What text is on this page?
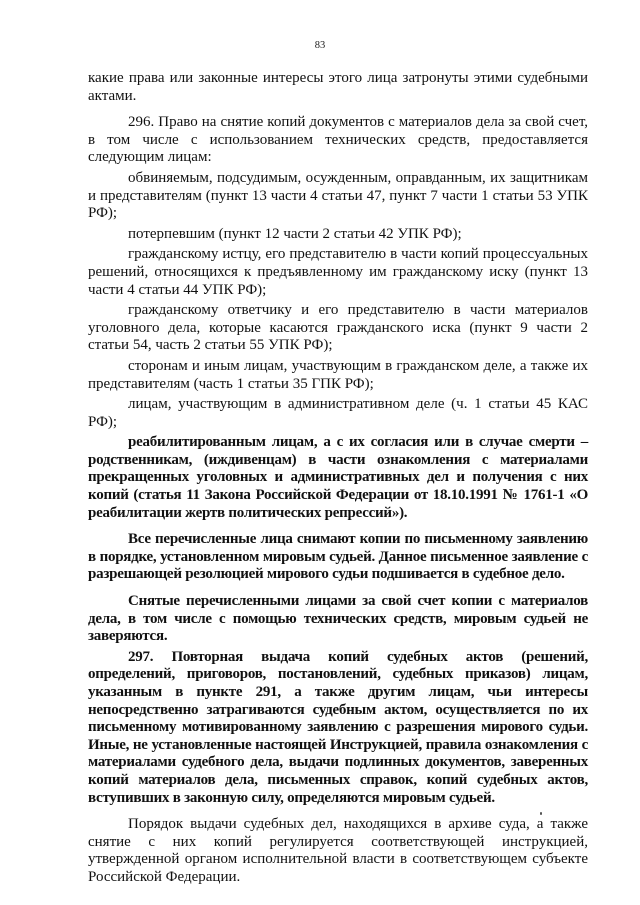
83

какие права или законные интересы этого лица затронуты этими судебными актами.

296. Право на снятие копий документов с материалов дела за свой счет, в том числе с использованием технических средств, предоставляется следующим лицам:

обвиняемым, подсудимым, осужденным, оправданным, их защитникам и представителям (пункт 13 части 4 статьи 47, пункт 7 части 1 статьи 53 УПК РФ);

потерпевшим (пункт 12 части 2 статьи 42 УПК РФ);

гражданскому истцу, его представителю в части копий процессуальных решений, относящихся к предъявленному им гражданскому иску (пункт 13 части 4 статьи 44 УПК РФ);

гражданскому ответчику и его представителю в части материалов уголовного дела, которые касаются гражданского иска (пункт 9 части 2 статьи 54, часть 2 статьи 55 УПК РФ);

сторонам и иным лицам, участвующим в гражданском деле, а также их представителям (часть 1 статьи 35 ГПК РФ);

лицам, участвующим в административном деле (ч. 1 статьи 45 КАС РФ);

реабилитированным лицам, а с их согласия или в случае смерти – родственникам, (иждивенцам) в части ознакомления с материалами прекращенных уголовных и административных дел и получения с них копий (статья 11 Закона Российской Федерации от 18.10.1991 № 1761-1 «О реабилитации жертв политических репрессий»).

Все перечисленные лица снимают копии по письменному заявлению в порядке, установленном мировым судьей. Данное письменное заявление с разрешающей резолюцией мирового судьи подшивается в судебное дело.

Снятые перечисленными лицами за свой счет копии с материалов дела, в том числе с помощью технических средств, мировым судьей не заверяются.

297. Повторная выдача копий судебных актов (решений, определений, приговоров, постановлений, судебных приказов) лицам, указанным в пункте 291, а также другим лицам, чьи интересы непосредственно затрагиваются судебным актом, осуществляется по их письменному мотивированному заявлению с разрешения мирового судьи. Иные, не установленные настоящей Инструкцией, правила ознакомления с материалами судебного дела, выдачи подлинных документов, заверенных копий материалов дела, письменных справок, копий судебных актов, вступивших в законную силу, определяются мировым судьей.

Порядок выдачи судебных дел, находящихся в архиве суда, а также снятие с них копий регулируется соответствующей инструкцией, утвержденной органом исполнительной власти в соответствующем субъекте Российской Федерации.
